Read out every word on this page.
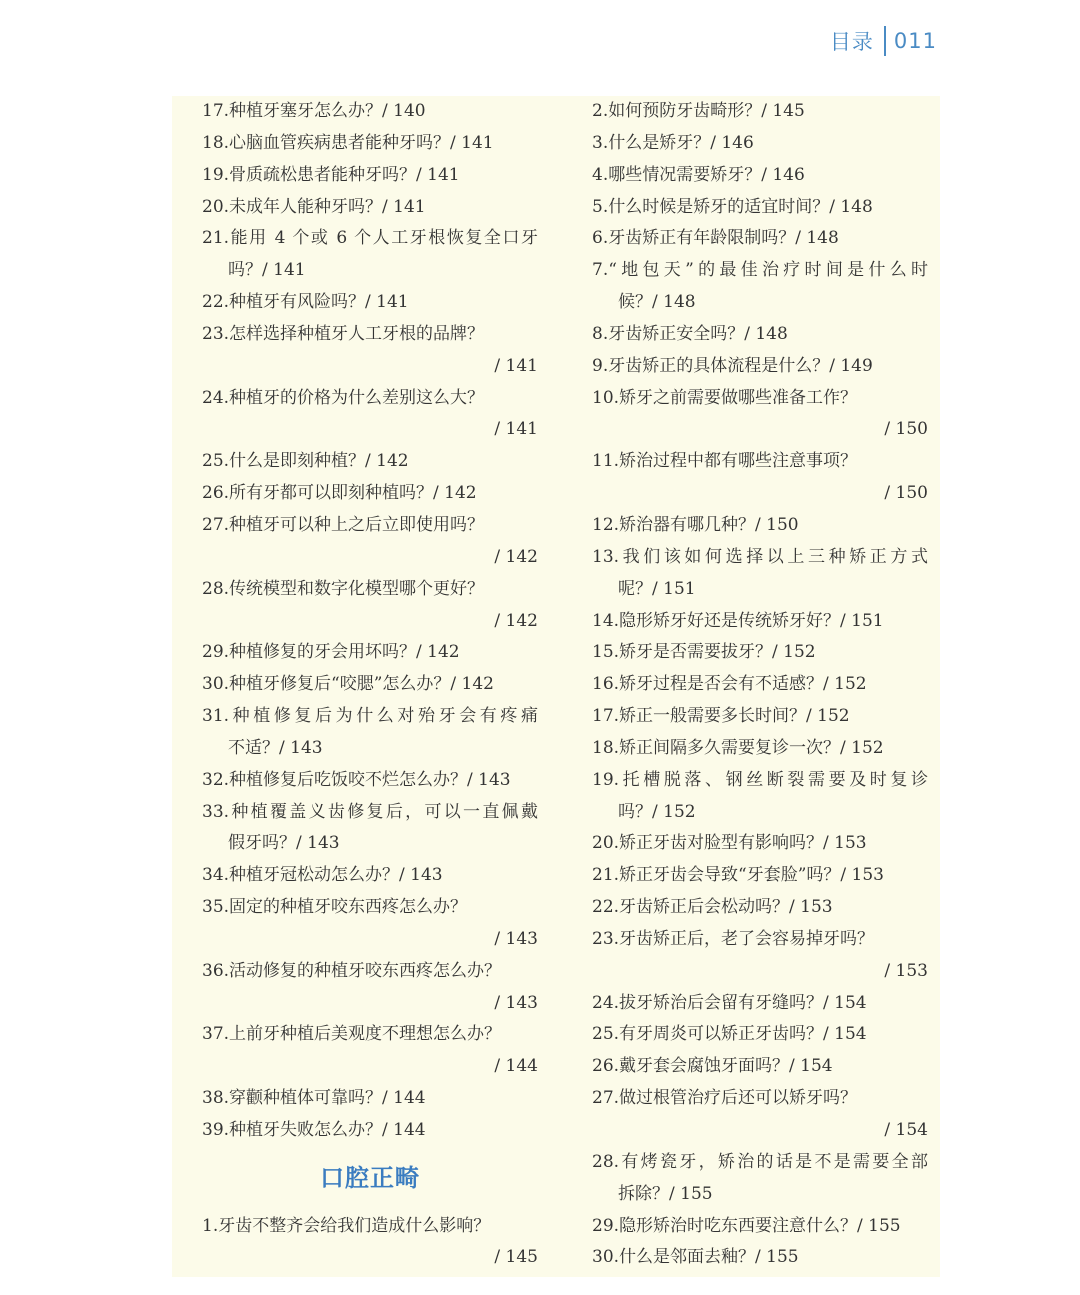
目录 011
17.种植牙塞牙怎么办？/ 140
18.心脑血管疾病患者能种牙吗？/ 141
19.骨质疏松患者能种牙吗？/ 141
20.未成年人能种牙吗？/ 141
21.能用 4 个或 6 个人工牙根恢复全口牙
吗？/ 141
22.种植牙有风险吗？/ 141
23.怎样选择种植牙人工牙根的品牌？
/ 141
24.种植牙的价格为什么差别这么大？
/ 141
25.什么是即刻种植？/ 142
26.所有牙都可以即刻种植吗？/ 142
27.种植牙可以种上之后立即使用吗？
/ 142
28.传统模型和数字化模型哪个更好？
/ 142
29.种植修复的牙会用坏吗？/ 142
30.种植牙修复后“咬腮”怎么办？/ 142
31.种植修复后为什么对殆牙会有疼痛
不适？/ 143
32.种植修复后吃饭咬不烂怎么办？/ 143
33.种植覆盖义齿修复后，可以一直佩戴
假牙吗？/ 143
34.种植牙冠松动怎么办？/ 143
35.固定的种植牙咬东西疼怎么办？
/ 143
36.活动修复的种植牙咬东西疼怎么办？
/ 143
37.上前牙种植后美观度不理想怎么办？
/ 144
38.穿颧种植体可靠吗？/ 144
39.种植牙失败怎么办？/ 144
口腔正畸
1.牙齿不整齐会给我们造成什么影响？
/ 145
2.如何预防牙齿畸形？/ 145
3.什么是矫牙？/ 146
4.哪些情况需要矫牙？/ 146
5.什么时候是矫牙的适宜时间？/ 148
6.牙齿矫正有年龄限制吗？/ 148
7.“地包天”的最佳治疗时间是什么时
候？/ 148
8.牙齿矫正安全吗？/ 148
9.牙齿矫正的具体流程是什么？/ 149
10.矫牙之前需要做哪些准备工作？
/ 150
11.矫治过程中都有哪些注意事项？
/ 150
12.矫治器有哪几种？/ 150
13.我们该如何选择以上三种矫正方式
呢？/ 151
14.隐形矫牙好还是传统矫牙好？/ 151
15.矫牙是否需要拔牙？/ 152
16.矫牙过程是否会有不适感？/ 152
17.矫正一般需要多长时间？/ 152
18.矫正间隔多久需要复诊一次？/ 152
19.托槽脱落、钢丝断裂需要及时复诊
吗？/ 152
20.矫正牙齿对脸型有影响吗？/ 153
21.矫正牙齿会导致“牙套脸”吗？/ 153
22.牙齿矫正后会松动吗？/ 153
23.牙齿矫正后，老了会容易掉牙吗？
/ 153
24.拔牙矫治后会留有牙缝吗？/ 154
25.有牙周炎可以矫正牙齿吗？/ 154
26.戴牙套会腐蚀牙面吗？/ 154
27.做过根管治疗后还可以矫牙吗？
/ 154
28.有烤瓷牙，矫治的话是不是需要全部
拆除？/ 155
29.隐形矫治时吃东西要注意什么？/ 155
30.什么是邻面去釉？/ 155
